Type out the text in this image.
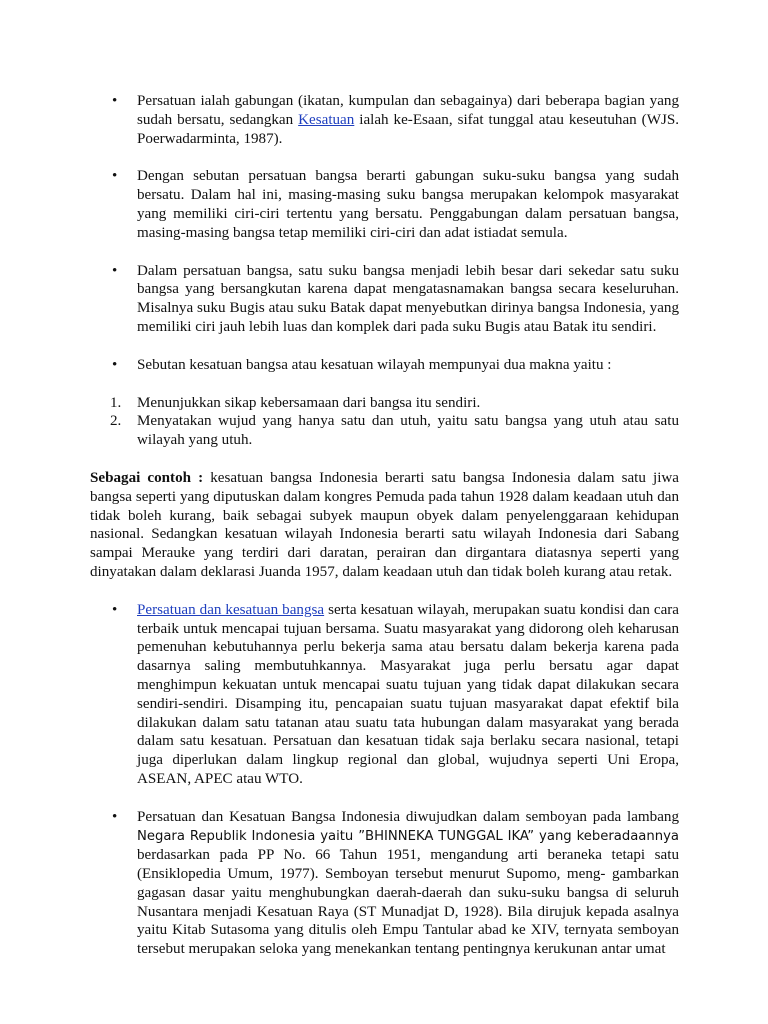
• Persatuan ialah gabungan (ikatan, kumpulan dan sebagainya) dari beberapa bagian yang sudah bersatu, sedangkan Kesatuan ialah ke-Esaan, sifat tunggal atau keseutuhan (WJS. Poerwadarminta, 1987).
• Dengan sebutan persatuan bangsa berarti gabungan suku-suku bangsa yang sudah bersatu. Dalam hal ini, masing-masing suku bangsa merupakan kelompok masyarakat yang memiliki ciri-ciri tertentu yang bersatu. Penggabungan dalam persatuan bangsa, masing-masing bangsa tetap memiliki ciri-ciri dan adat istiadat semula.
• Dalam persatuan bangsa, satu suku bangsa menjadi lebih besar dari sekedar satu suku bangsa yang bersangkutan karena dapat mengatasnamakan bangsa secara keseluruhan. Misalnya suku Bugis atau suku Batak dapat menyebutkan dirinya bangsa Indonesia, yang memiliki ciri jauh lebih luas dan komplek dari pada suku Bugis atau Batak itu sendiri.
• Sebutan kesatuan bangsa atau kesatuan wilayah mempunyai dua makna yaitu :
1. Menunjukkan sikap kebersamaan dari bangsa itu sendiri.
2. Menyatakan wujud yang hanya satu dan utuh, yaitu satu bangsa yang utuh atau satu wilayah yang utuh.

Sebagai contoh : kesatuan bangsa Indonesia berarti satu bangsa Indonesia dalam satu jiwa bangsa seperti yang diputuskan dalam kongres Pemuda pada tahun 1928 dalam keadaan utuh dan tidak boleh kurang, baik sebagai subyek maupun obyek dalam penyelenggaraan kehidupan nasional. Sedangkan kesatuan wilayah Indonesia berarti satu wilayah Indonesia dari Sabang sampai Merauke yang terdiri dari daratan, perairan dan dirgantara diatasnya seperti yang dinyatakan dalam deklarasi Juanda 1957, dalam keadaan utuh dan tidak boleh kurang atau retak.

• Persatuan dan kesatuan bangsa serta kesatuan wilayah, merupakan suatu kondisi dan cara terbaik untuk mencapai tujuan bersama. Suatu masyarakat yang didorong oleh keharusan pemenuhan kebutuhannya perlu bekerja sama atau bersatu dalam bekerja karena pada dasarnya saling membutuhkannya. Masyarakat juga perlu bersatu agar dapat menghimpun kekuatan untuk mencapai suatu tujuan yang tidak dapat dilakukan secara sendiri-sendiri. Disamping itu, pencapaian suatu tujuan masyarakat dapat efektif bila dilakukan dalam satu tatanan atau suatu tata hubungan dalam masyarakat yang berada dalam satu kesatuan. Persatuan dan kesatuan tidak saja berlaku secara nasional, tetapi juga diperlukan dalam lingkup regional dan global, wujudnya seperti Uni Eropa, ASEAN, APEC atau WTO.
• Persatuan dan Kesatuan Bangsa Indonesia diwujudkan dalam semboyan pada lambang Negara Republik Indonesia yaitu ”BHINNEKA TUNGGAL IKA” yang keberadaannya berdasarkan pada PP No. 66 Tahun 1951, mengandung arti beraneka tetapi satu (Ensiklopedia Umum, 1977). Semboyan tersebut menurut Supomo, meng- gambarkan gagasan dasar yaitu menghubungkan daerah-daerah dan suku-suku bangsa di seluruh Nusantara menjadi Kesatuan Raya (ST Munadjat D, 1928). Bila dirujuk kepada asalnya yaitu Kitab Sutasoma yang ditulis oleh Empu Tantular abad ke XIV, ternyata semboyan tersebut merupakan seloka yang menekankan tentang pentingnya kerukunan antar umat
